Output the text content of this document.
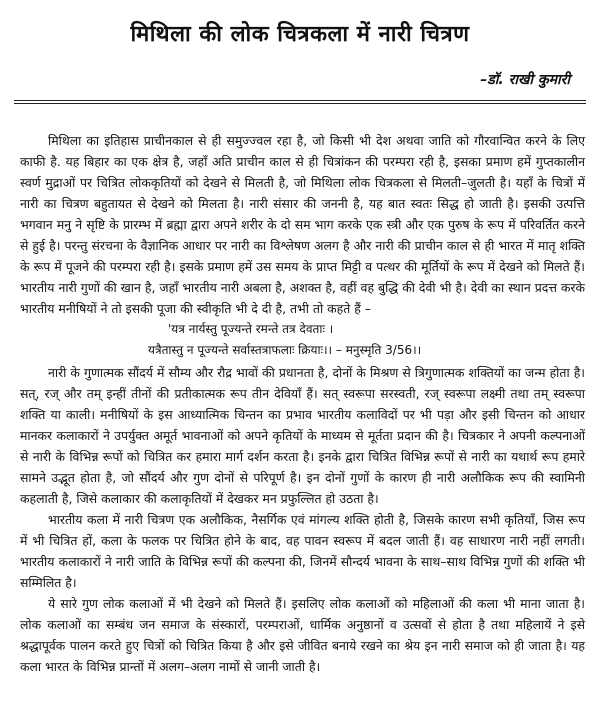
मिथिला की लोक चित्रकला में नारी चित्रण
–डॉ. राखी कुमारी

मिथिला का इतिहास प्राचीनकाल से ही समुज्ज्वल रहा है, जो किसी भी देश अथवा जाति को गौरवान्वित करने के लिए काफी है. यह बिहार का एक क्षेत्र है, जहाँ अति प्राचीन काल से ही चित्रांकन की परम्परा रही है, इसका प्रमाण हमें गुप्तकालीन स्वर्ण मुद्राओं पर चित्रित लोककृतियों को देखने से मिलती है, जो मिथिला लोक चित्रकला से मिलती–जुलती है। यहाँ के चित्रों में नारी का चित्रण बहुतायत से देखने को मिलता है। नारी संसार की जननी है, यह बात स्वतः सिद्ध हो जाती है। इसकी उत्पत्ति भगवान मनु ने सृष्टि के प्रारम्भ में ब्रह्मा द्वारा अपने शरीर के दो सम भाग करके एक स्त्री और एक पुरुष के रूप में परिवर्तित करने से हुई है। परन्तु संरचना के वैज्ञानिक आधार पर नारी का विश्लेषण अलग है और नारी की प्राचीन काल से ही भारत में मातृ शक्ति के रूप में पूजने की परम्परा रही है। इसके प्रमाण हमें उस समय के प्राप्त मिट्टी व पत्थर की मूर्तियों के रूप में देखने को मिलते हैं। भारतीय नारी गुणों की खान है, जहाँ भारतीय नारी अबला है, अशक्त है, वहीं वह बुद्धि की देवी भी है। देवी का स्थान प्रदत्त करके भारतीय मनीषियों ने तो इसकी पूजा की स्वीकृति भी दे दी है, तभी तो कहते हैं –

'यत्र नार्यस्तु पूज्यन्ते रमन्ते तत्र देवताः ।

यत्रैतास्तु न पूज्यन्ते सर्वास्तत्राफलाः क्रियाः।। – मनुस्मृति 3/56।।

नारी के गुणात्मक सौंदर्य में सौम्य और रौद्र भावों की प्रधानता है, दोनों के मिश्रण से त्रिगुणात्मक शक्तियों का जन्म होता है। सत्, रज् और तम् इन्हीं तीनों की प्रतीकात्मक रूप तीन देवियाँ हैं। सत् स्वरूपा सरस्वती, रज् स्वरूपा लक्ष्मी तथा तम् स्वरूपा शक्ति या काली। मनीषियों के इस आध्यात्मिक चिन्तन का प्रभाव भारतीय कलाविदों पर भी पड़ा और इसी चिन्तन को आधार मानकर कलाकारों ने उपर्युक्त अमूर्त भावनाओं को अपने कृतियों के माध्यम से मूर्तता प्रदान की है। चित्रकार ने अपनी कल्पनाओं से नारी के विभिन्न रूपों को चित्रित कर हमारा मार्ग दर्शन करता है। इनके द्वारा चित्रित विभिन्न रूपों से नारी का यथार्थ रूप हमारे सामने उद्भूत होता है, जो सौंदर्य और गुण दोनों से परिपूर्ण है। इन दोनों गुणों के कारण ही नारी अलौकिक रूप की स्वामिनी कहलाती है, जिसे कलाकार की कलाकृतियों में देखकर मन प्रफुल्लित हो उठता है।

भारतीय कला में नारी चित्रण एक अलौकिक, नैसर्गिक एवं मांगल्य शक्ति होती है, जिसके कारण सभी कृतियाँ, जिस रूप में भी चित्रित हों, कला के फलक पर चित्रित होने के बाद, वह पावन स्वरूप में बदल जाती हैं। वह साधारण नारी नहीं लगती। भारतीय कलाकारों ने नारी जाति के विभिन्न रूपों की कल्पना की, जिनमें सौन्दर्य भावना के साथ–साथ विभिन्न गुणों की शक्ति भी सम्मिलित है।

ये सारे गुण लोक कलाओं में भी देखने को मिलते हैं। इसलिए लोक कलाओं को महिलाओं की कला भी माना जाता है। लोक कलाओं का सम्बंध जन समाज के संस्कारों, परम्पराओं, धार्मिक अनुष्ठानों व उत्सवों से होता है तथा महिलायें ने इसे श्रद्धापूर्वक पालन करते हुए चित्रों को चित्रित किया है और इसे जीवित बनाये रखने का श्रेय इन नारी समाज को ही जाता है। यह कला भारत के विभिन्न प्रान्तों में अलग–अलग नामों से जानी जाती है।
